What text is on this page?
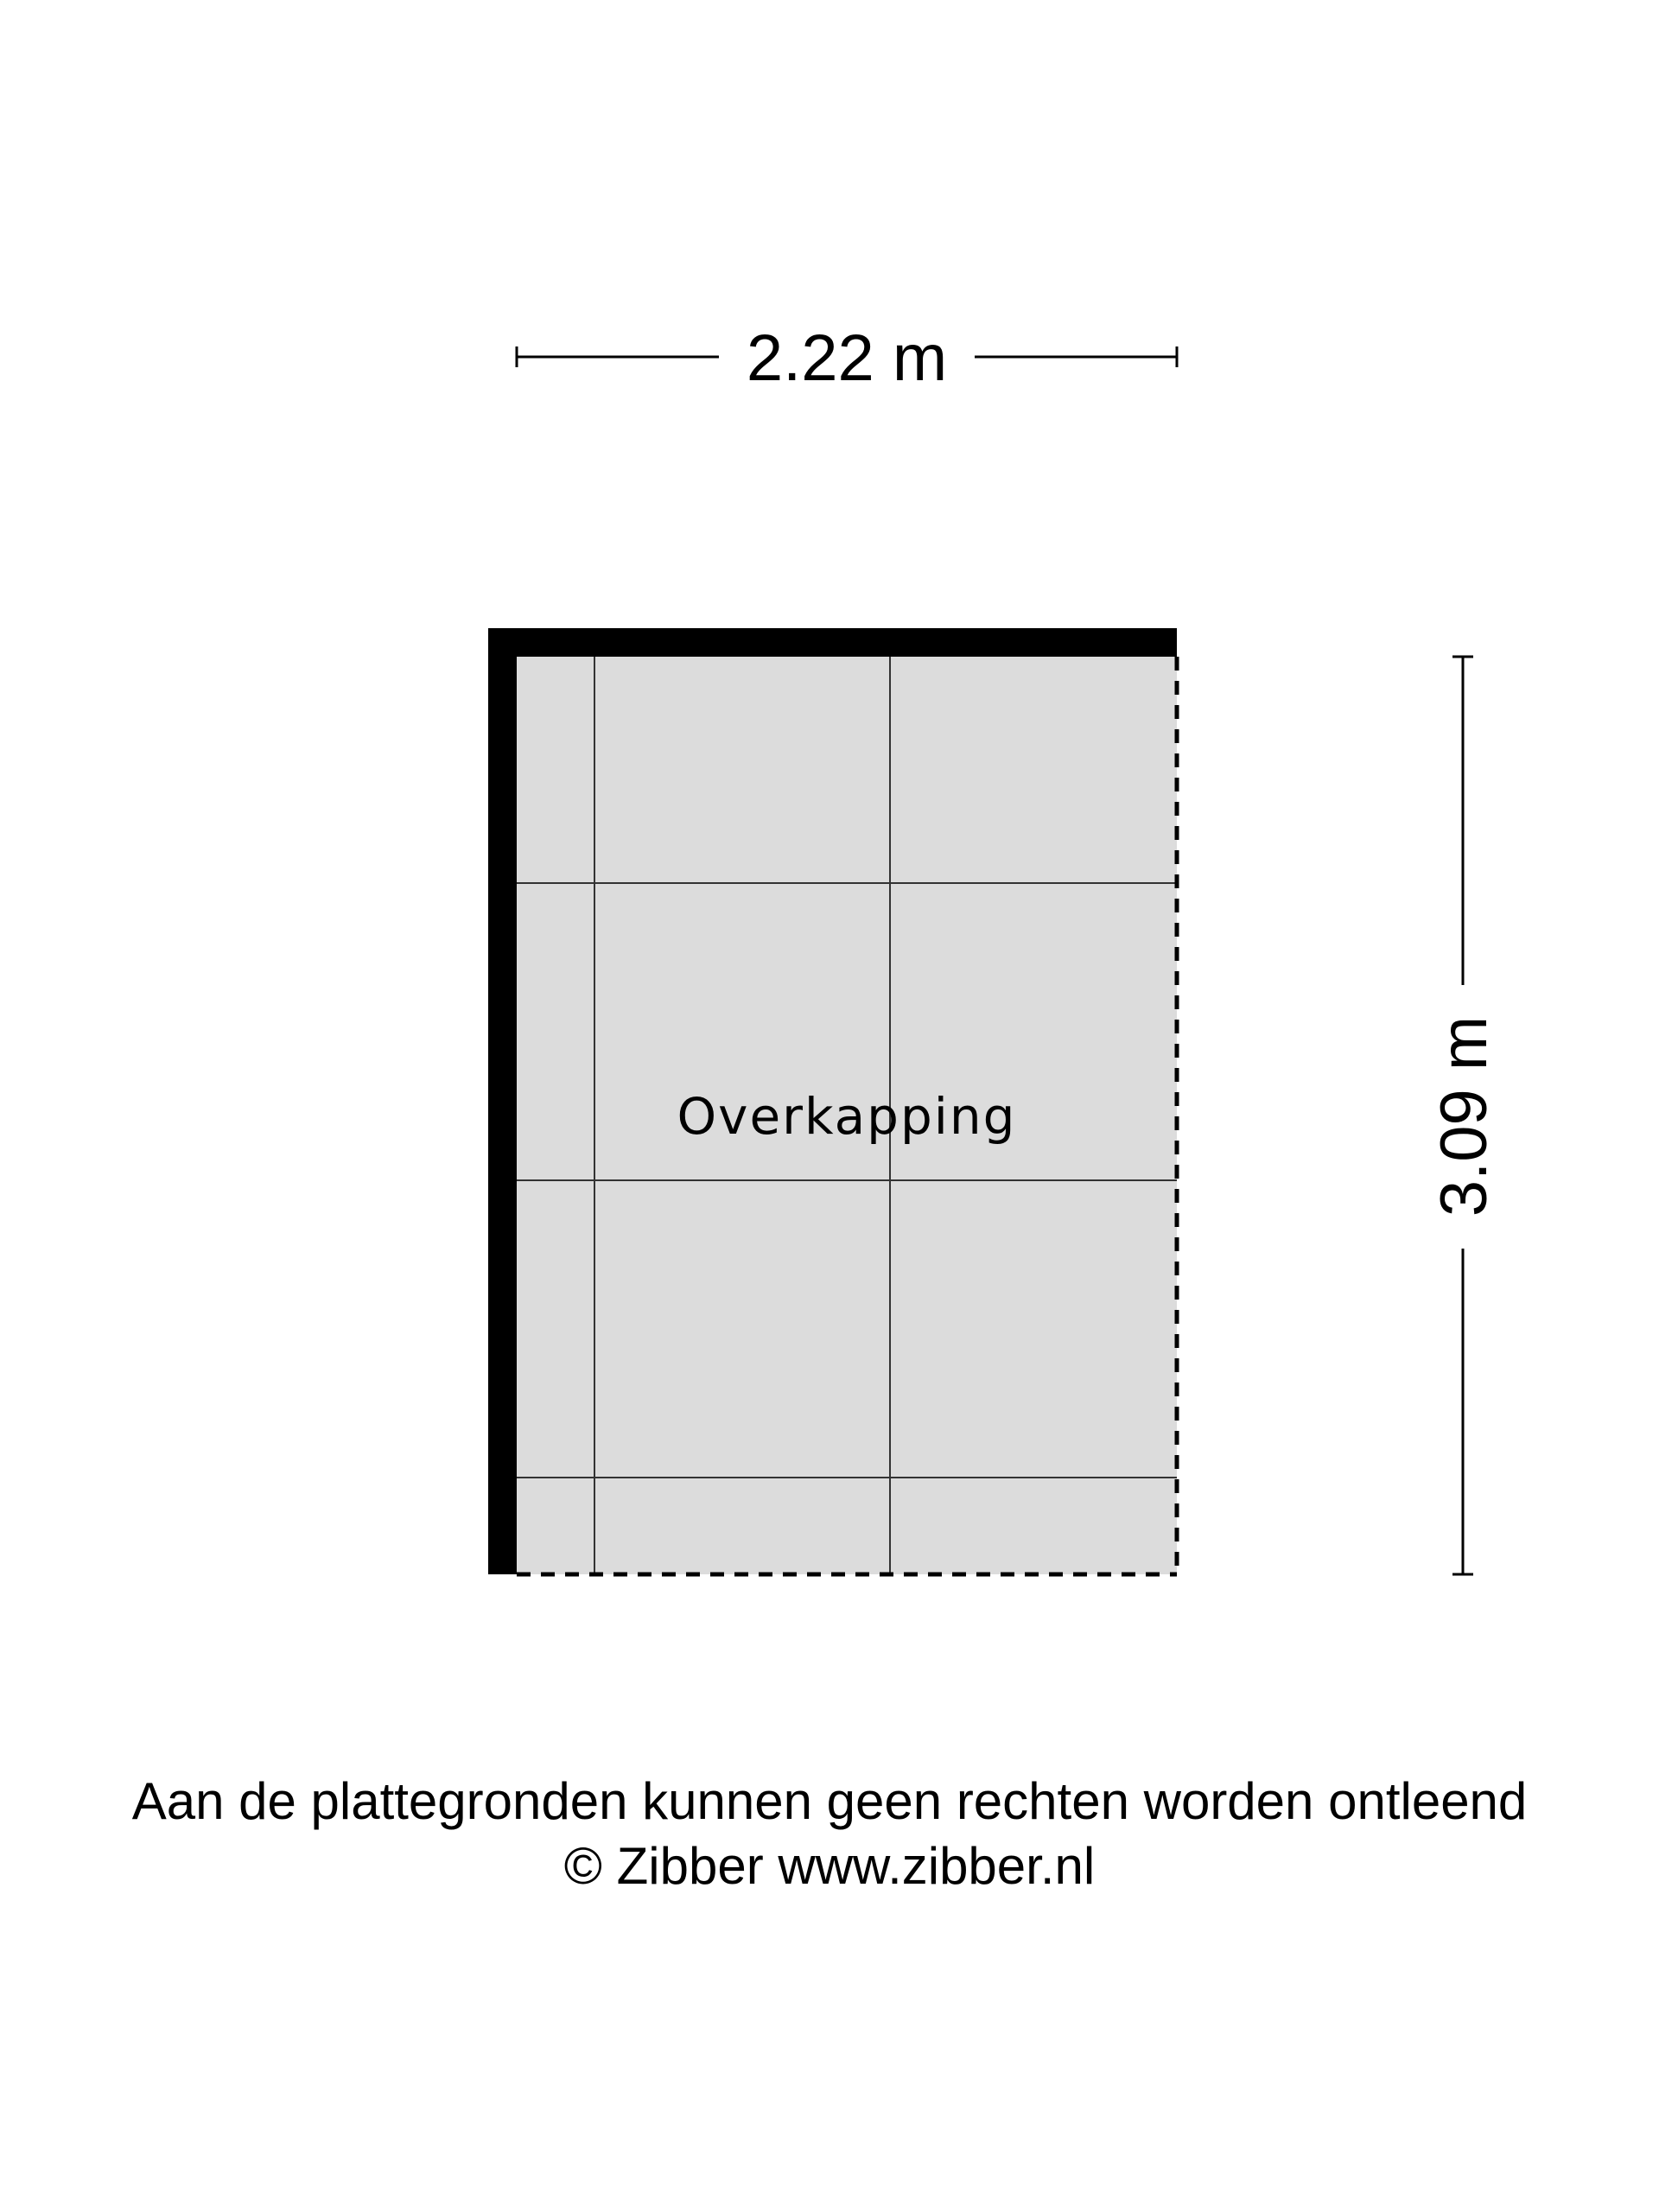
2.22 m
Overkapping	3.09 m
Aan de plattegronden kunnen geen rechten worden ontleend
© Zibber www.zibber.nl
